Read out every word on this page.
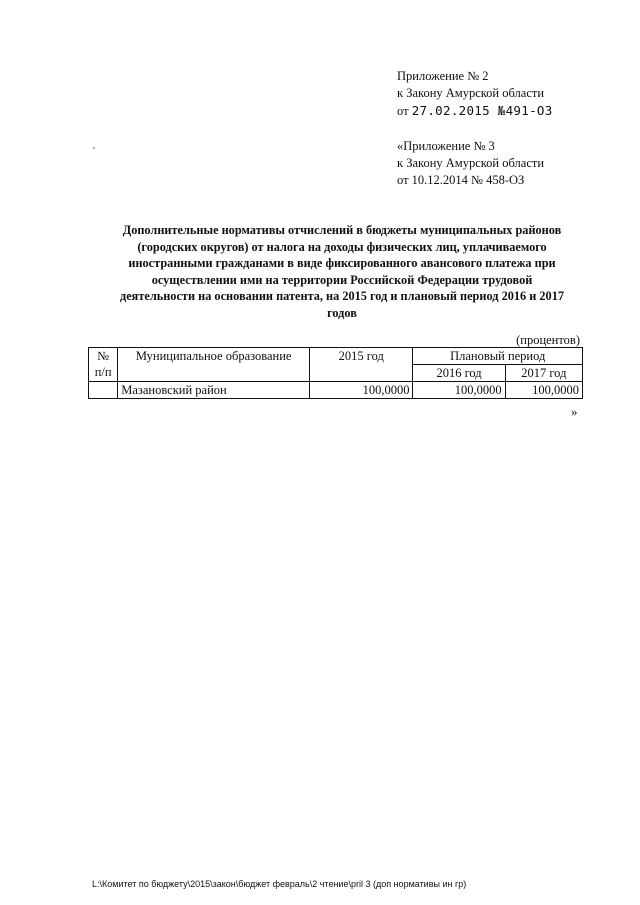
Приложение № 2
к Закону Амурской области
от 27.02.2015 №491-ОЗ
«Приложение № 3
к Закону Амурской области
от 10.12.2014 № 458-ОЗ
Дополнительные нормативы отчислений в бюджеты муниципальных районов
(городских округов) от налога на доходы физических лиц, уплачиваемого
иностранными гражданами в виде фиксированного авансового платежа при
осуществлении ими на территории Российской Федерации трудовой
деятельности на основании патента, на 2015 год и плановый период 2016 и 2017
годов
(процентов)
№ п/п	Муниципальное образование	2015 год	Плановый период	
			2016 год	2017 год
	Мазановский район	100,0000	100,0000	100,0000
»
L:\Комитет по бюджету\2015\закон\бюджет февраль\2 чтение\pril 3 (доп нормативы ин гр)
